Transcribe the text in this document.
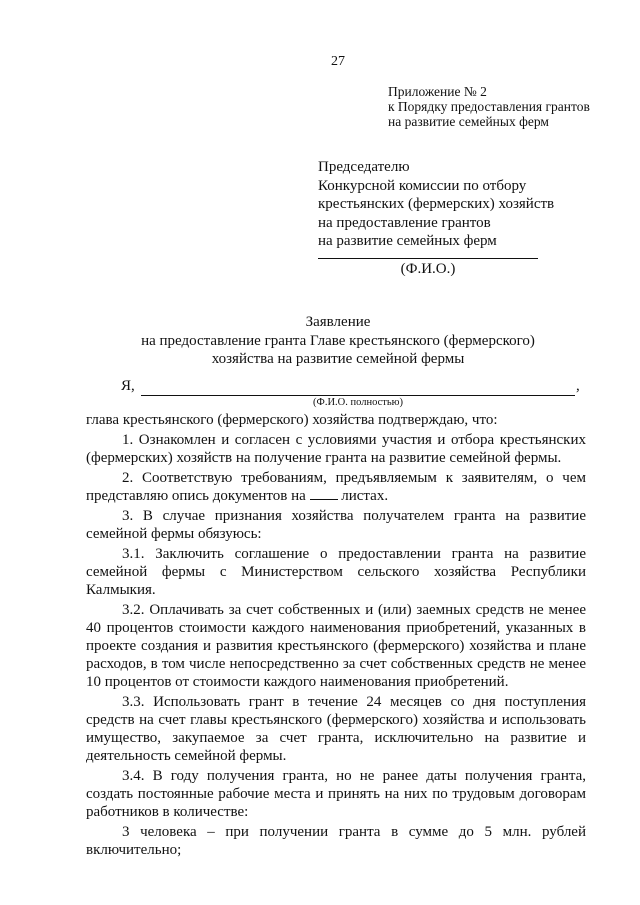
27
Приложение № 2
к Порядку предоставления грантов
на развитие семейных ферм
Председателю
Конкурсной комиссии по отбору
крестьянских (фермерских) хозяйств
на предоставление грантов
на развитие семейных ферм
(Ф.И.О.)
Заявление
на предоставление гранта Главе крестьянского (фермерского)
хозяйства на развитие семейной фермы
Я,	,
(Ф.И.О. полностью)

глава крестьянского (фермерского) хозяйства подтверждаю, что:

1. Ознакомлен и согласен с условиями участия и отбора крестьянских (фермерских) хозяйств на получение гранта на развитие семейной фермы.

2. Соответствую требованиям, предъявляемым к заявителям, о чем представляю опись документов на листах.

3. В случае признания хозяйства получателем гранта на развитие семейной фермы обязуюсь:

3.1. Заключить соглашение о предоставлении гранта на развитие семейной фермы с Министерством сельского хозяйства Республики Калмыкия.

3.2. Оплачивать за счет собственных и (или) заемных средств не менее 40 процентов стоимости каждого наименования приобретений, указанных в проекте создания и развития крестьянского (фермерского) хозяйства и плане расходов, в том числе непосредственно за счет собственных средств не менее 10 процентов от стоимости каждого наименования приобретений.

3.3. Использовать грант в течение 24 месяцев со дня поступления средств на счет главы крестьянского (фермерского) хозяйства и использовать имущество, закупаемое за счет гранта, исключительно на развитие и деятельность семейной фермы.

3.4. В году получения гранта, но не ранее даты получения гранта, создать постоянные рабочие места и принять на них по трудовым договорам работников в количестве:

3 человека – при получении гранта в сумме до 5 млн. рублей включительно;
